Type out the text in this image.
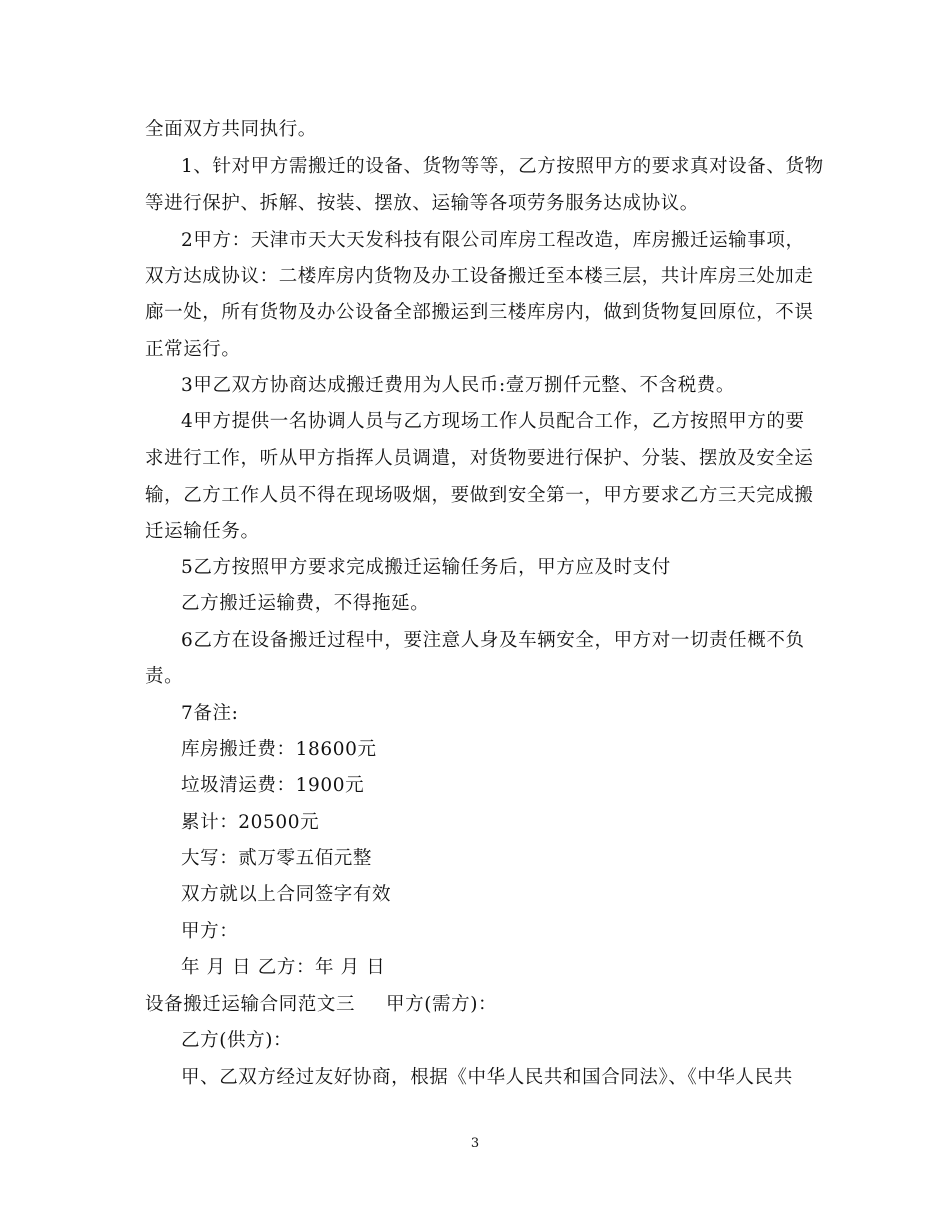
全面双方共同执行。
1、针对甲方需搬迁的设备、货物等等，乙方按照甲方的要求真对设备、货物
等进行保护、拆解、按装、摆放、运输等各项劳务服务达成协议。
2甲方：天津市天大天发科技有限公司库房工程改造，库房搬迁运输事项，
双方达成协议：二楼库房内货物及办工设备搬迁至本楼三层，共计库房三处加走
廊一处，所有货物及办公设备全部搬运到三楼库房内，做到货物复回原位，不误
正常运行。
3甲乙双方协商达成搬迁费用为人民币:壹万捌仟元整、不含税费。
4甲方提供一名协调人员与乙方现场工作人员配合工作，乙方按照甲方的要
求进行工作，听从甲方指挥人员调遣，对货物要进行保护、分装、摆放及安全运
输，乙方工作人员不得在现场吸烟，要做到安全第一，甲方要求乙方三天完成搬
迁运输任务。
5乙方按照甲方要求完成搬迁运输任务后，甲方应及时支付
乙方搬迁运输费，不得拖延。
6乙方在设备搬迁过程中，要注意人身及车辆安全，甲方对一切责任概不负
责。
7备注:
库房搬迁费：18600元
垃圾清运费：1900元
累计：20500元
大写：贰万零五佰元整
双方就以上合同签字有效
甲方：
年 月 日 乙方：年 月 日
设备搬迁运输合同范文三 甲方(需方)：
乙方(供方)：
甲、乙双方经过友好协商，根据《中华人民共和国合同法》、《中华人民共
3
